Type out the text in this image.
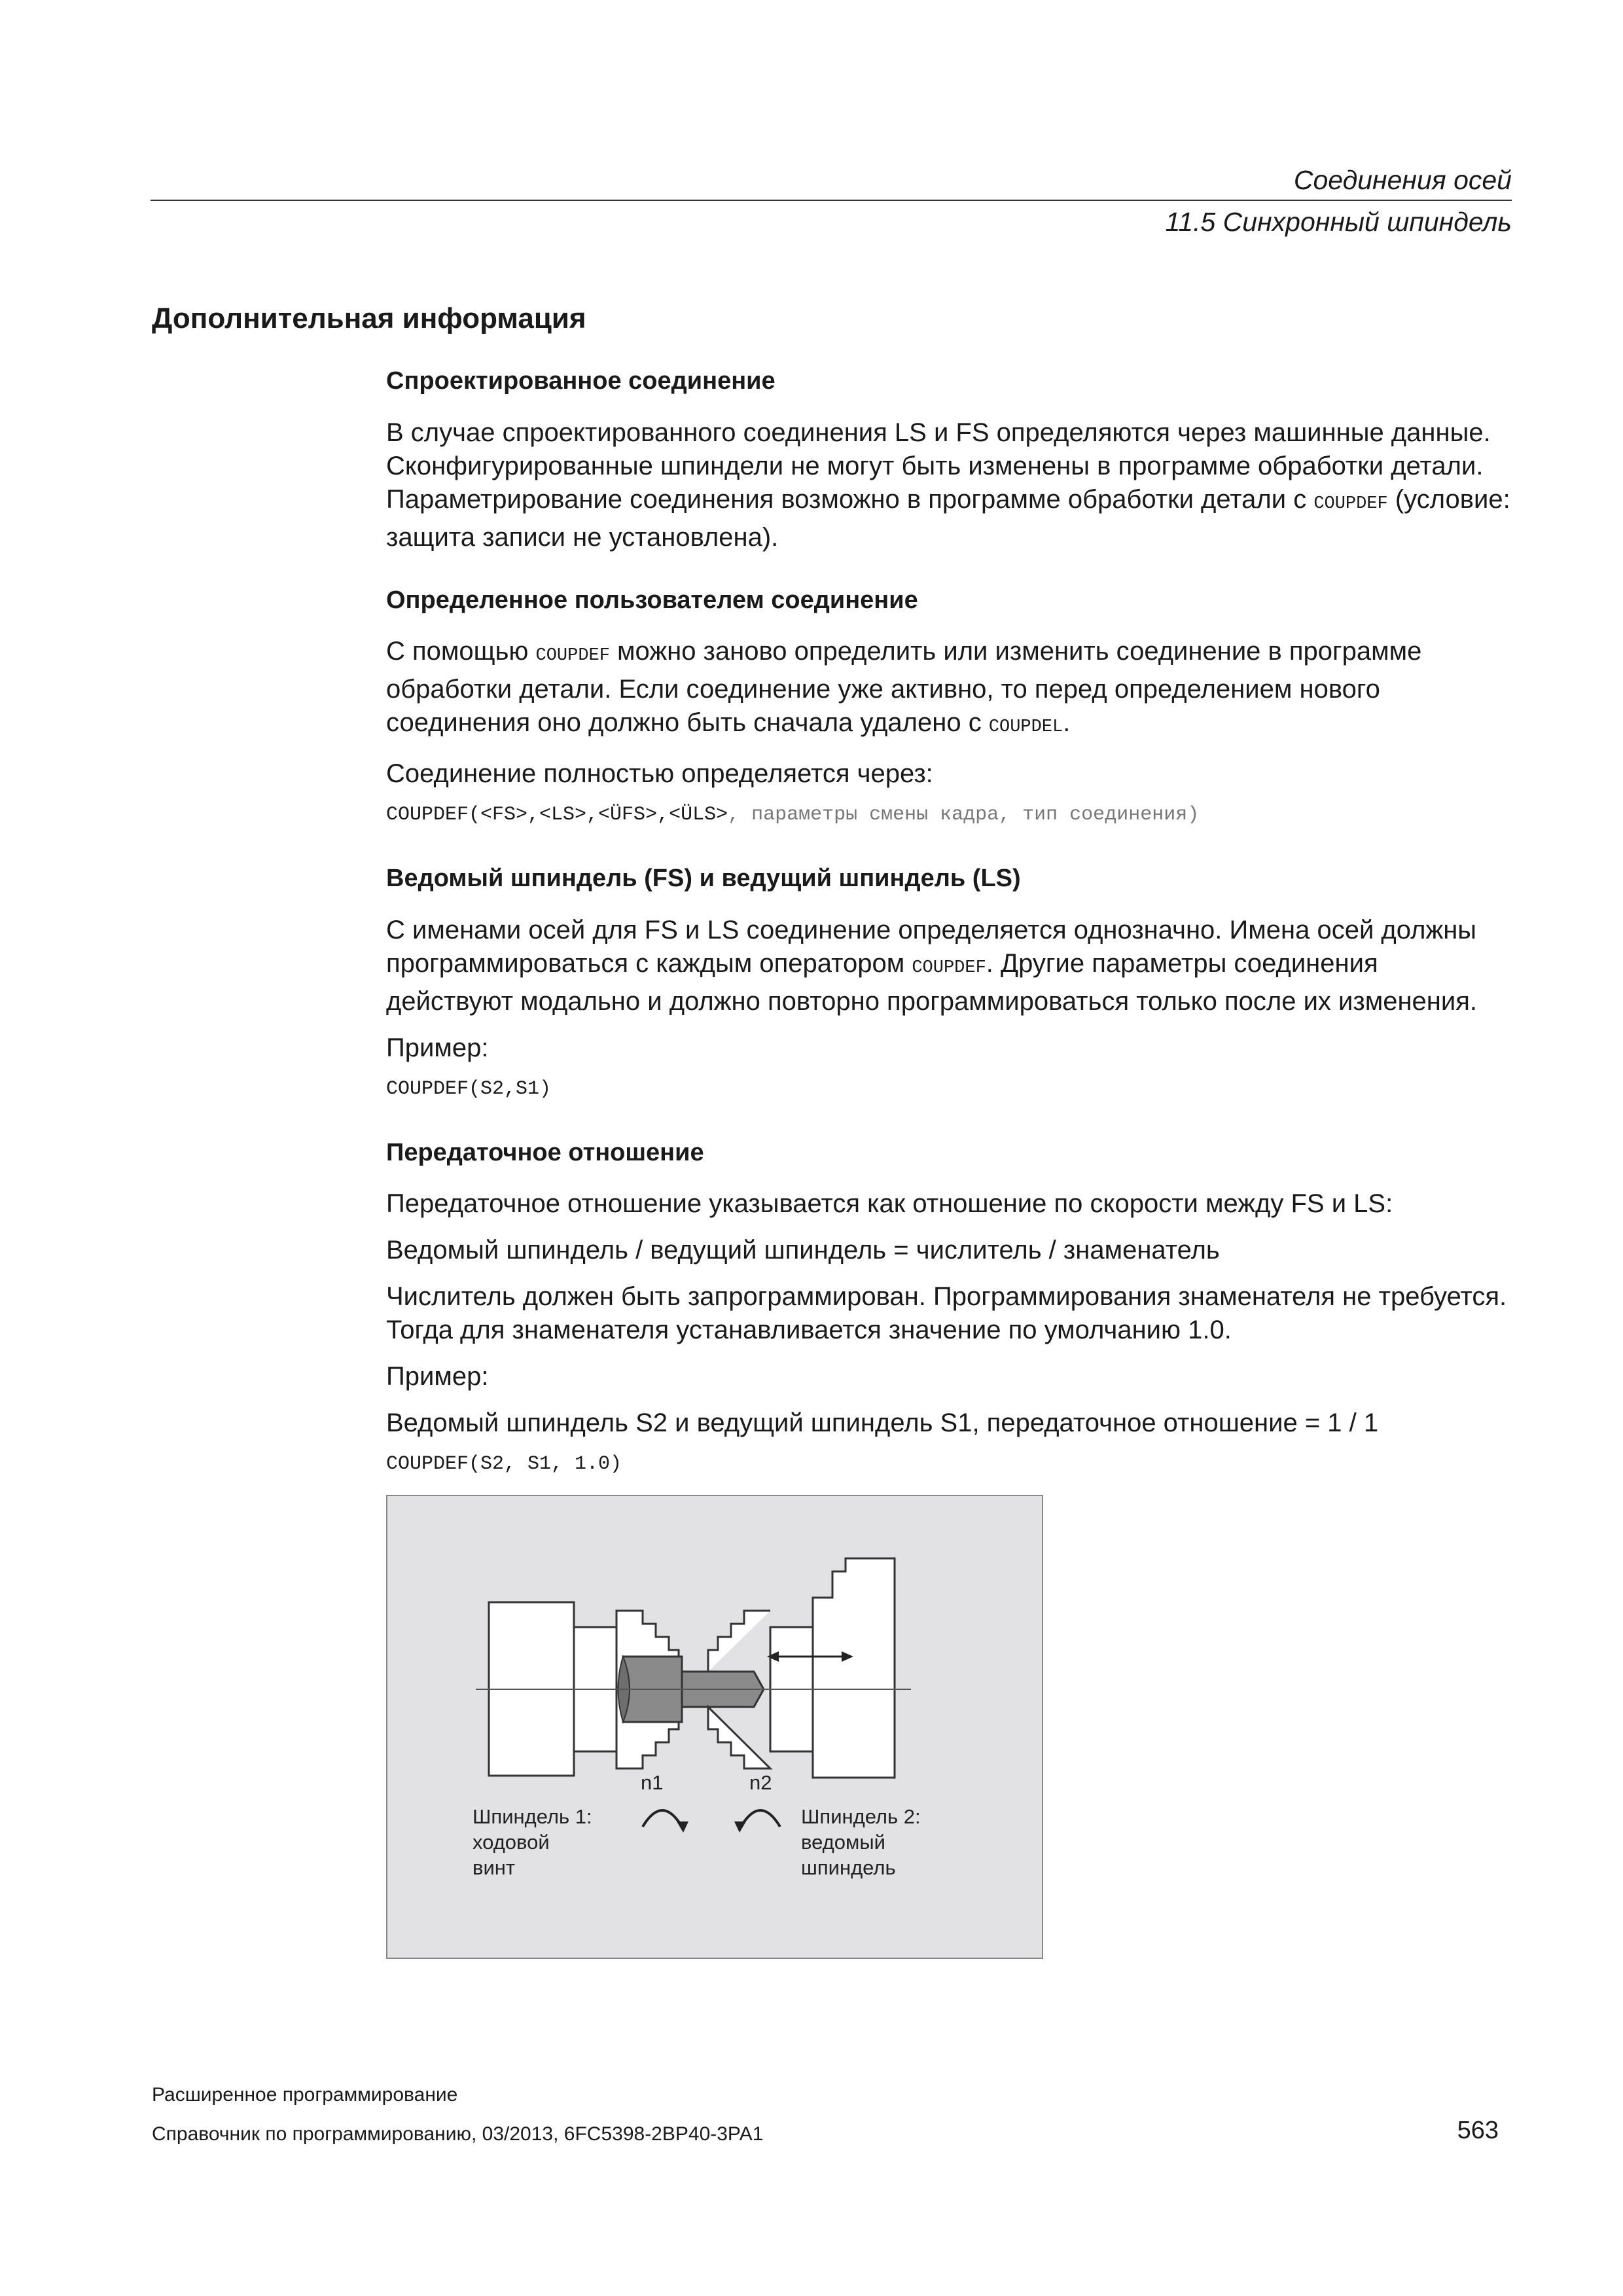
Соединения осей
11.5 Синхронный шпиндель
Дополнительная информация
Спроектированное соединение
В случае спроектированного соединения LS и FS определяются через машинные данные. Сконфигурированные шпиндели не могут быть изменены в программе обработки детали. Параметрирование соединения возможно в программе обработки детали с COUPDEF (условие: защита записи не установлена).
Определенное пользователем соединение
С помощью COUPDEF можно заново определить или изменить соединение в программе обработки детали. Если соединение уже активно, то перед определением нового соединения оно должно быть сначала удалено с COUPDEL.
Соединение полностью определяется через:
COUPDEF(<FS>,<LS>,<ÜFS>,<ÜLS>, параметры смены кадра, тип соединения)
Ведомый шпиндель (FS) и ведущий шпиндель (LS)
С именами осей для FS и LS соединение определяется однозначно. Имена осей должны программироваться с каждым оператором COUPDEF. Другие параметры соединения действуют модально и должно повторно программироваться только после их изменения.
Пример:
COUPDEF(S2,S1)
Передаточное отношение
Передаточное отношение указывается как отношение по скорости между FS и LS:
Ведомый шпиндель / ведущий шпиндель = числитель / знаменатель
Числитель должен быть запрограммирован. Программирования знаменателя не требуется. Тогда для знаменателя устанавливается значение по умолчанию 1.0.
Пример:
Ведомый шпиндель S2 и ведущий шпиндель S1, передаточное отношение = 1 / 1
COUPDEF(S2, S1, 1.0)
n1	n2
Шпиндель 1:
ходовой
винт
Шпиндель 2:
ведомый
шпиндель
Расширенное программирование
Справочник по программированию, 03/2013, 6FC5398-2BP40-3PA1	563
